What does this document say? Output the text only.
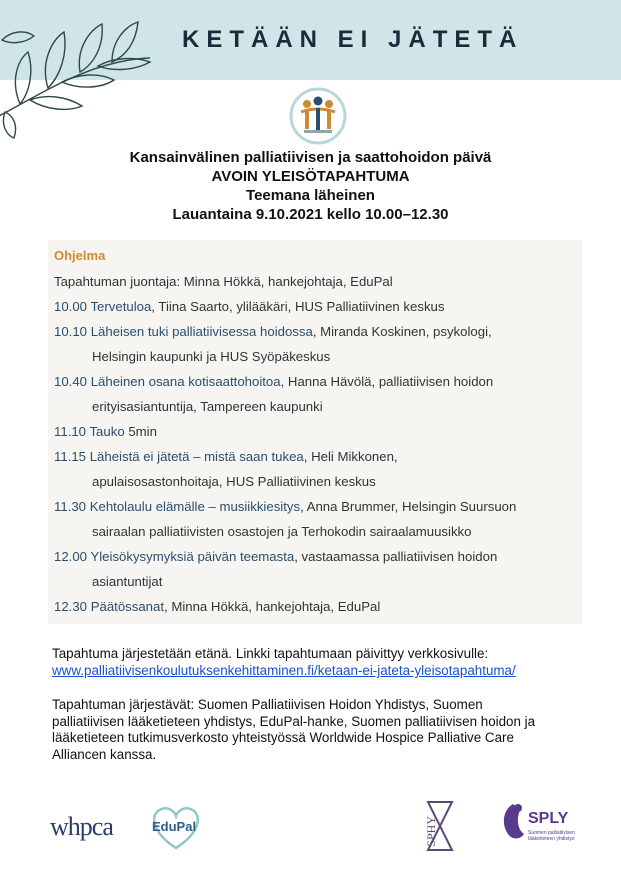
KETÄÄN EI JÄTETÄ
Kansainvälinen palliatiivisen ja saattohoidon päivä
AVOIN YLEISÖTAPAHTUMA
Teemana läheinen
Lauantaina 9.10.2021 kello 10.00–12.30
Ohjelma
Tapahtuman juontaja: Minna Hökkä, hankejohtaja, EduPal
10.00 Tervetuloa, Tiina Saarto, ylilääkäri, HUS Palliatiivinen keskus
10.10 Läheisen tuki palliatiivisessa hoidossa, Miranda Koskinen, psykologi,
Helsingin kaupunki ja HUS Syöpäkeskus
10.40 Läheinen osana kotisaattohoitoa, Hanna Hävölä, palliatiivisen hoidon
erityisasiantuntija, Tampereen kaupunki
11.10 Tauko 5min
11.15 Läheistä ei jätetä – mistä saan tukea, Heli Mikkonen,
apulaisosastonhoitaja, HUS Palliatiivinen keskus
11.30 Kehtolaulu elämälle – musiikkiesitys, Anna Brummer, Helsingin Suursuon
sairaalan palliatiivisten osastojen ja Terhokodin sairaalamuusikko
12.00 Yleisökysymyksiä päivän teemasta, vastaamassa palliatiivisen hoidon
asiantuntijat
12.30 Päätössanat, Minna Hökkä, hankejohtaja, EduPal
Tapahtuma järjestetään etänä. Linkki tapahtumaan päivittyy verkkosivulle:
www.palliatiivisenkoulutuksenkehittaminen.fi/ketaan-ei-jateta-yleisotapahtuma/
Tapahtuman järjestävät: Suomen Palliatiivisen Hoidon Yhdistys, Suomen
palliatiivisen lääketieteen yhdistys, EduPal-hanke, Suomen palliatiivisen hoidon ja
lääketieteen tutkimusverkosto yhteistyössä Worldwide Hospice Palliative Care
Alliancen kanssa.
whpca	EduPal	SPHY	SPLY
Suomen palliatiivisen
lääketieteen yhdistys
